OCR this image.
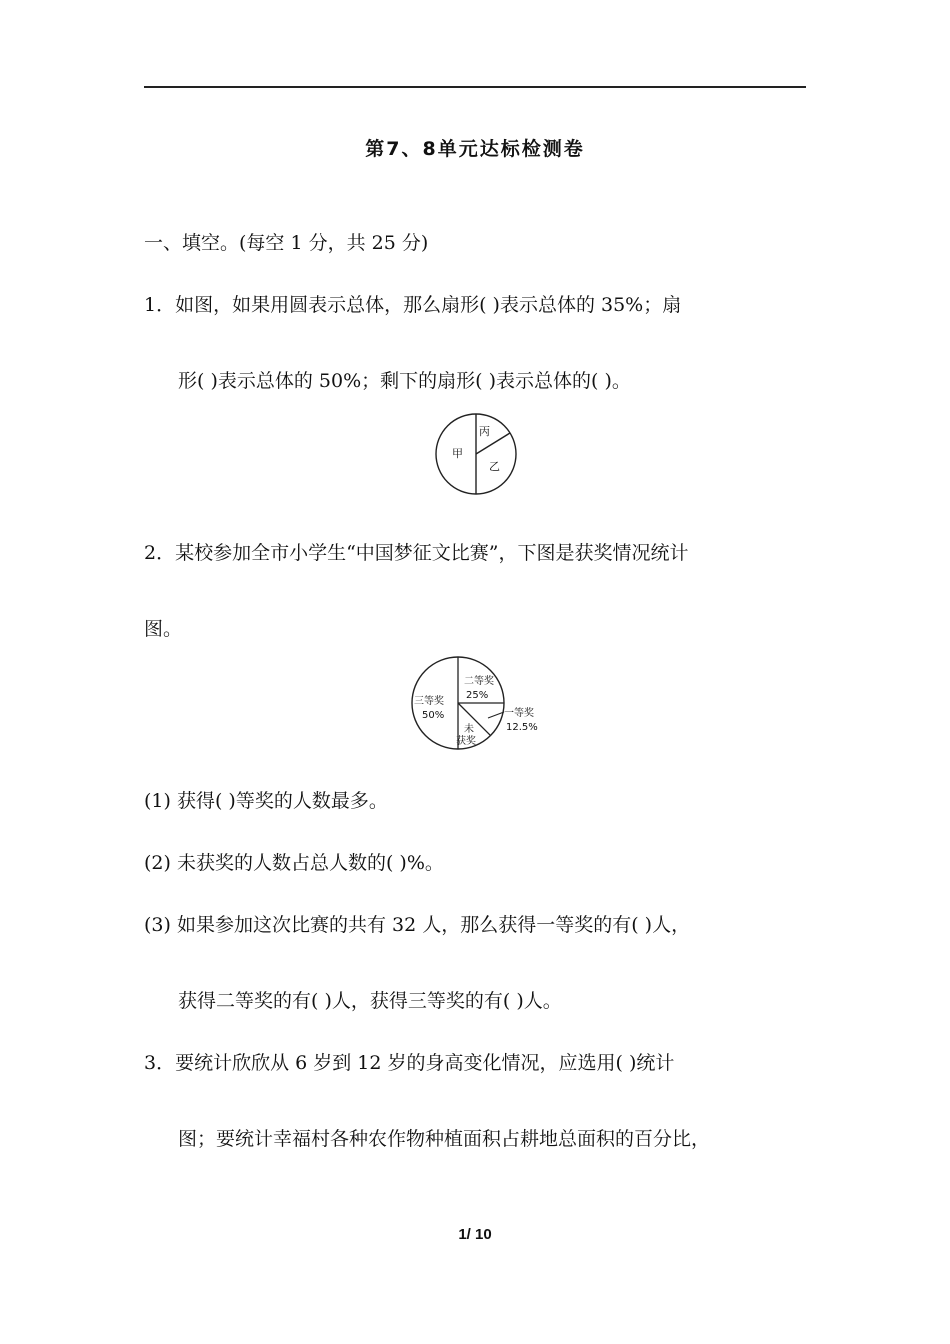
第7、8单元达标检测卷
一、填空。(每空 1 分，共 25 分)
1．如图，如果用圆表示总体，那么扇形( )表示总体的 35%；扇
形( )表示总体的 50%；剩下的扇形( )表示总体的( )。
甲
丙
乙
2．某校参加全市小学生“中国梦征文比赛”，下图是获奖情况统计
图。
三等奖
50%
二等奖
25%
未
获奖
一等奖
12.5%
(1) 获得( )等奖的人数最多。
(2) 未获奖的人数占总人数的( )%。
(3) 如果参加这次比赛的共有 32 人，那么获得一等奖的有( )人，
获得二等奖的有( )人，获得三等奖的有( )人。
3．要统计欣欣从 6 岁到 12 岁的身高变化情况，应选用( )统计
图；要统计幸福村各种农作物种植面积占耕地总面积的百分比，
1/ 10
